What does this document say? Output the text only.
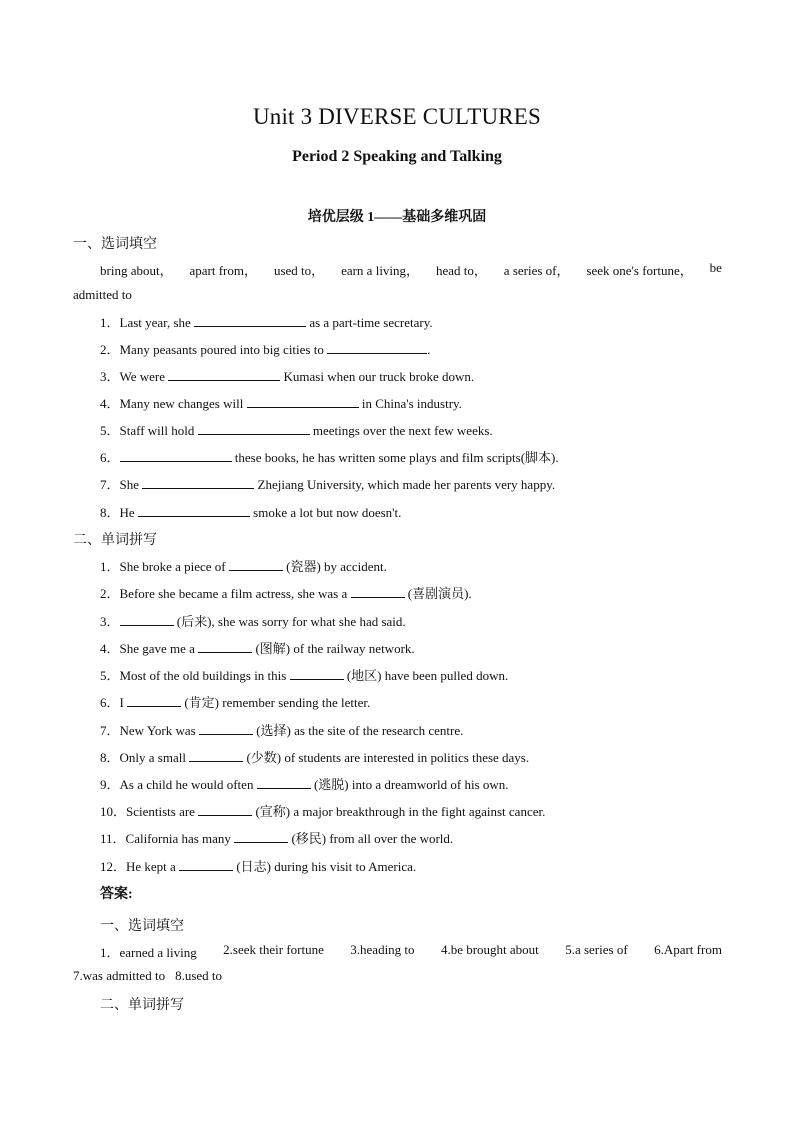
Unit 3 DIVERSE CULTURES
Period 2 Speaking and Talking
培优层级 1——基础多维巩固
一、选词填空
bring about， apart from， used to， earn a living， head to， a series of， seek one's fortune， be
admitted to
1．Last year, she	as a part-time secretary.
2．Many peasants poured into big cities to	.
3．We were	Kumasi when our truck broke down.
4．Many new changes will	in China's industry.
5．Staff will hold	meetings over the next few weeks.
6．	these books, he has written some plays and film scripts(脚本).
7．She	Zhejiang University, which made her parents very happy.
8．He	smoke a lot but now doesn't.
二、单词拼写
1．She broke a piece of	(瓷器) by accident.
2．Before she became a film actress, she was a	(喜剧演员).
3．	(后来), she was sorry for what she had said.
4．She gave me a	(图解) of the railway network.
5．Most of the old buildings in this	(地区) have been pulled down.
6．I	(肯定) remember sending the letter.
7．New York was	(选择) as the site of the research centre.
8．Only a small	(少数) of students are interested in politics these days.
9．As a child he would often	(逃脱) into a dreamworld of his own.
10．Scientists are	(宣称) a major breakthrough in the fight against cancer.
11．California has many	(移民) from all over the world.
12．He kept a	(日志) during his visit to America.
答案:
一、选词填空
1．earned a living 2.seek their fortune 3.heading to 4.be brought about 5.a series of 6.Apart from
7.was admitted to 8.used to
二、单词拼写
